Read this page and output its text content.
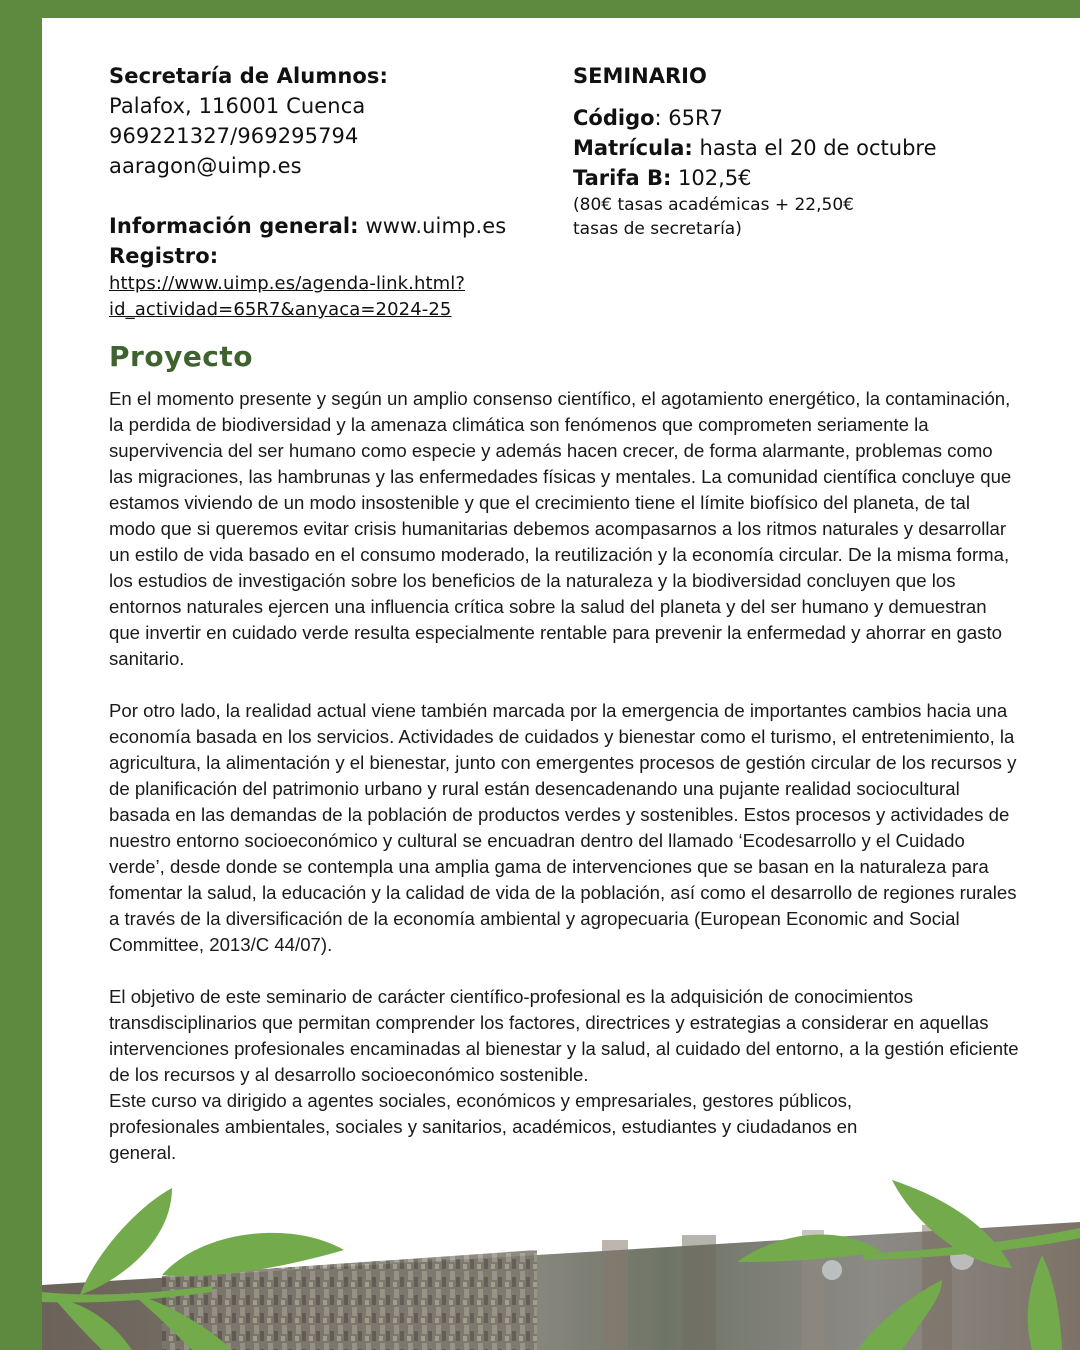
Secretaría de Alumnos:
Palafox, 116001 Cuenca
969221327/969295794
aaragon@uimp.es
Información general: www.uimp.es
Registro:
https://www.uimp.es/agenda-link.html?
id_actividad=65R7&anyaca=2024-25
SEMINARIO
Código: 65R7
Matrícula: hasta el 20 de octubre
Tarifa B: 102,5€
(80€ tasas académicas + 22,50€
tasas de secretaría)
Proyecto

En el momento presente y según un amplio consenso científico, el agotamiento energético, la contaminación, la perdida de biodiversidad y la amenaza climática son fenómenos que comprometen seriamente la supervivencia del ser humano como especie y además hacen crecer, de forma alarmante, problemas como las migraciones, las hambrunas y las enfermedades físicas y mentales. La comunidad científica concluye que estamos viviendo de un modo insostenible y que el crecimiento tiene el límite biofísico del planeta, de tal modo que si queremos evitar crisis humanitarias debemos acompasarnos a los ritmos naturales y desarrollar un estilo de vida basado en el consumo moderado, la reutilización y la economía circular. De la misma forma, los estudios de investigación sobre los beneficios de la naturaleza y la biodiversidad concluyen que los entornos naturales ejercen una influencia crítica sobre la salud del planeta y del ser humano y demuestran que invertir en cuidado verde resulta especialmente rentable para prevenir la enfermedad y ahorrar en gasto sanitario.

Por otro lado, la realidad actual viene también marcada por la emergencia de importantes cambios hacia una economía basada en los servicios. Actividades de cuidados y bienestar como el turismo, el entretenimiento, la agricultura, la alimentación y el bienestar, junto con emergentes procesos de gestión circular de los recursos y de planificación del patrimonio urbano y rural están desencadenando una pujante realidad sociocultural basada en las demandas de la población de productos verdes y sostenibles. Estos procesos y actividades de nuestro entorno socioeconómico y cultural se encuadran dentro del llamado ‘Ecodesarrollo y el Cuidado verde’, desde donde se contempla una amplia gama de intervenciones que se basan en la naturaleza para fomentar la salud, la educación y la calidad de vida de la población, así como el desarrollo de regiones rurales a través de la diversificación de la economía ambiental y agropecuaria (European Economic and Social Committee, 2013/C 44/07).

El objetivo de este seminario de carácter científico-profesional es la adquisición de conocimientos transdisciplinarios que permitan comprender los factores, directrices y estrategias a considerar en aquellas intervenciones profesionales encaminadas al bienestar y la salud, al cuidado del entorno, a la gestión eficiente de los recursos y al desarrollo socioeconómico sostenible.

Este curso va dirigido a agentes sociales, económicos y empresariales, gestores públicos, profesionales ambientales, sociales y sanitarios, académicos, estudiantes y ciudadanos en general.
